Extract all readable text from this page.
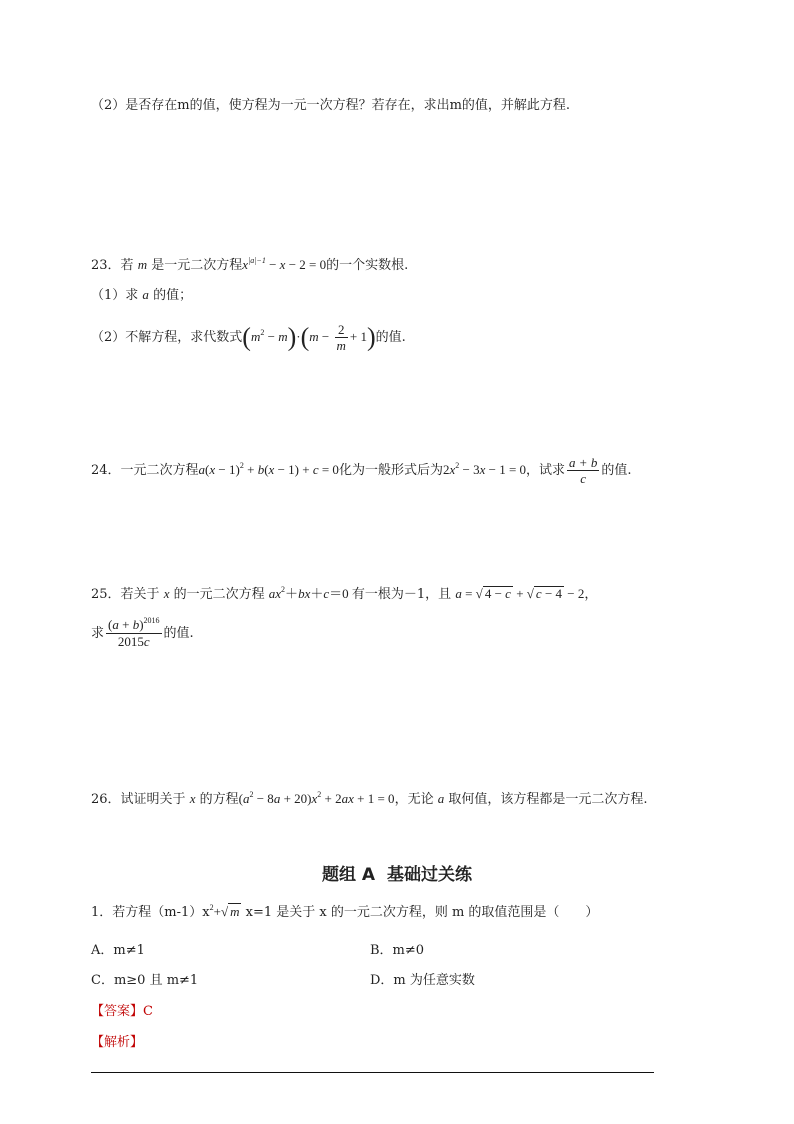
（2）是否存在m的值，使方程为一元一次方程？若存在，求出m的值，并解此方程.
23．若 m 是一元二次方程$x^{|a|-1} - x - 2 = 0$的一个实数根.
（1）求 a 的值；
（2）不解方程，求代数式$(m^2 - m)\cdot(m - \frac{2}{m} + 1)$的值.
24．一元二次方程$a(x - 1)^2 + b(x - 1) + c = 0$化为一般形式后为$2x^2 - 3x - 1 = 0$，试求 $\frac{a + b}{c}$ 的值.
25．若关于 x 的一元二次方程 $ax^2+bx+c=0$ 有一根为－1，且 a = √ 4 − c + √ c − 4 − 2，
求 $\frac{(a + b)^{2016}}{2015c}$ 的值.
26．试证明关于 x 的方程$(a^2 - 8a + 20)x^2 + 2ax + 1 = 0$，无论 a 取何值，该方程都是一元二次方程.
题组 A 基础过关练
1．若方程$(m-1)x^2+√$ m x=1 是关于 x 的一元二次方程，则 m 的取值范围是（　　）
A．m≠1	B．m≠0
C．m≥0 且 m≠1	D．m 为任意实数
【答案】C
【解析】
